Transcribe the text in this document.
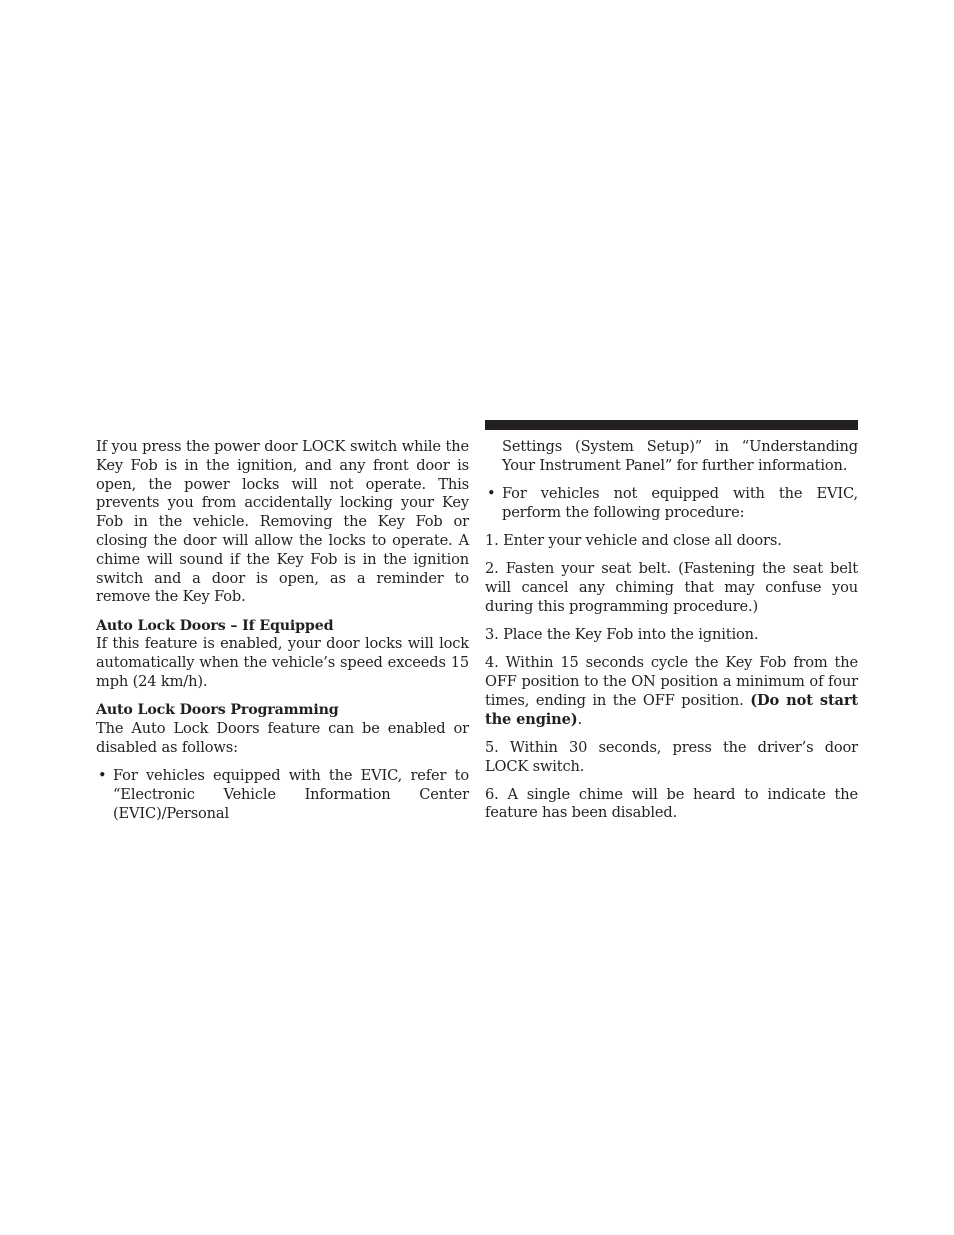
If you press the power door LOCK switch while the Key Fob is in the ignition, and any front door is open, the power locks will not operate. This prevents you from accidentally locking your Key Fob in the vehicle. Removing the Key Fob or closing the door will allow the locks to operate. A chime will sound if the Key Fob is in the ignition switch and a door is open, as a reminder to remove the Key Fob.

Auto Lock Doors – If Equipped

If this feature is enabled, your door locks will lock automatically when the vehicle’s speed exceeds 15 mph (24 km/h).

Auto Lock Doors Programming

The Auto Lock Doors feature can be enabled or disabled as follows:

• For vehicles equipped with the EVIC, refer to “Electronic Vehicle Information Center (EVIC)/Personal

Settings (System Setup)” in “Understanding Your Instrument Panel” for further information.

• For vehicles not equipped with the EVIC, perform the following procedure:

1. Enter your vehicle and close all doors.

2. Fasten your seat belt. (Fastening the seat belt will cancel any chiming that may confuse you during this programming procedure.)

3. Place the Key Fob into the ignition.

4. Within 15 seconds cycle the Key Fob from the OFF position to the ON position a minimum of four times, ending in the OFF position. (Do not start the engine).

5. Within 30 seconds, press the driver’s door LOCK switch.

6. A single chime will be heard to indicate the feature has been disabled.
